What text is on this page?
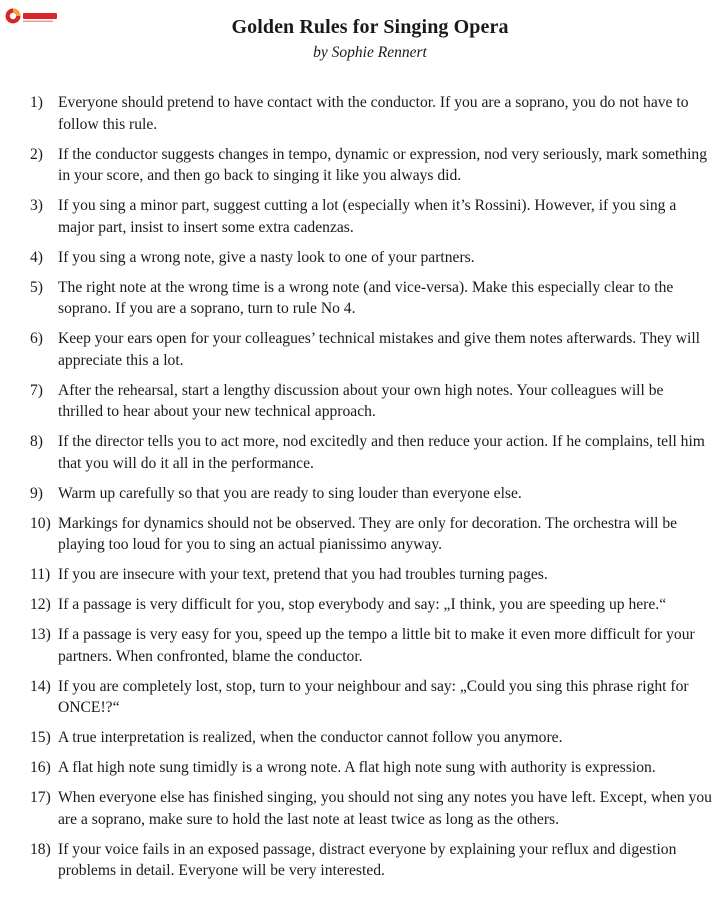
Golden Rules for Singing Opera
by Sophie Rennert
1) Everyone should pretend to have contact with the conductor. If you are a soprano, you do not have to follow this rule.
2) If the conductor suggests changes in tempo, dynamic or expression, nod very seriously, mark something in your score, and then go back to singing it like you always did.
3) If you sing a minor part, suggest cutting a lot (especially when it’s Rossini). However, if you sing a major part, insist to insert some extra cadenzas.
4) If you sing a wrong note, give a nasty look to one of your partners.
5) The right note at the wrong time is a wrong note (and vice-versa). Make this especially clear to the soprano. If you are a soprano, turn to rule No 4.
6) Keep your ears open for your colleagues’ technical mistakes and give them notes afterwards. They will appreciate this a lot.
7) After the rehearsal, start a lengthy discussion about your own high notes. Your colleagues will be thrilled to hear about your new technical approach.
8) If the director tells you to act more, nod excitedly and then reduce your action. If he complains, tell him that you will do it all in the performance.
9) Warm up carefully so that you are ready to sing louder than everyone else.
10) Markings for dynamics should not be observed. They are only for decoration. The orchestra will be playing too loud for you to sing an actual pianissimo anyway.
11) If you are insecure with your text, pretend that you had troubles turning pages.
12) If a passage is very difficult for you, stop everybody and say: „I think, you are speeding up here.“
13) If a passage is very easy for you, speed up the tempo a little bit to make it even more difficult for your partners. When confronted, blame the conductor.
14) If you are completely lost, stop, turn to your neighbour and say: „Could you sing this phrase right for ONCE!?“
15) A true interpretation is realized, when the conductor cannot follow you anymore.
16) A flat high note sung timidly is a wrong note. A flat high note sung with authority is expression.
17) When everyone else has finished singing, you should not sing any notes you have left. Except, when you are a soprano, make sure to hold the last note at least twice as long as the others.
18) If your voice fails in an exposed passage, distract everyone by explaining your reflux and digestion problems in detail. Everyone will be very interested.
